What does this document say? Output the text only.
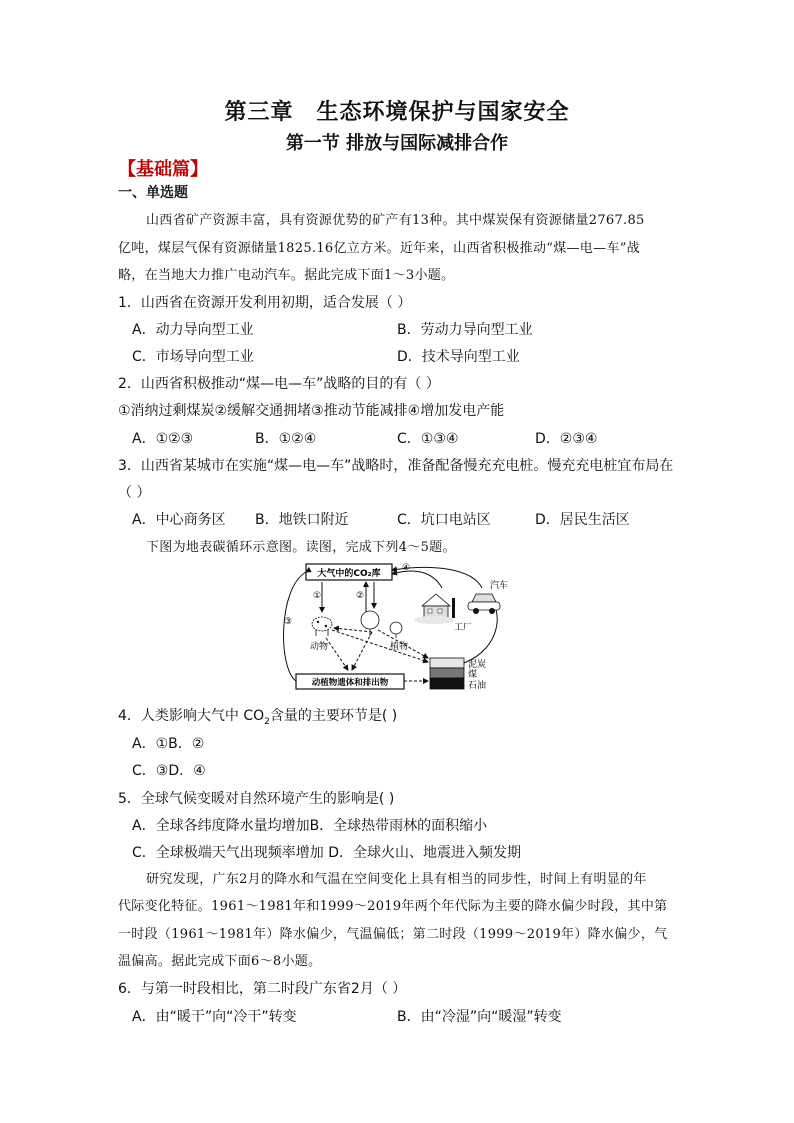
第三章　生态环境保护与国家安全
第一节 排放与国际减排合作
【基础篇】
一、单选题
山西省矿产资源丰富，具有资源优势的矿产有13种。其中煤炭保有资源储量2767.85
亿吨，煤层气保有资源储量1825.16亿立方米。近年来，山西省积极推动“煤—电—车”战
略，在当地大力推广电动汽车。据此完成下面1～3小题。
1．山西省在资源开发利用初期，适合发展（ ）
A．动力导向型工业	B．劳动力导向型工业
C．市场导向型工业	D．技术导向型工业
2．山西省积极推动“煤—电—车”战略的目的有（ ）
①消纳过剩煤炭②缓解交通拥堵③推动节能减排④增加发电产能
A．①②③	B．①②④	C．①③④	D．②③④
3．山西省某城市在实施“煤—电—车”战略时，准备配备慢充充电桩。慢充充电桩宜布局在
（ ）
A．中心商务区 B．地铁口附近	C．坑口电站区	D．居民生活区
下图为地表碳循环示意图。读图，完成下列4～5题。
大气中的CO₂库
动植物遗体和排出物
泥炭
煤
石油
动物	植物
工厂
汽车
①	②
③
④
4．人类影响大气中 $CO_2$含量的主要环节是( )
A．①B．②
C．③D．④
5．全球气候变暖对自然环境产生的影响是( )
A．全球各纬度降水量均增加B．全球热带雨林的面积缩小
C．全球极端天气出现频率增加 D．全球火山、地震进入频发期
研究发现，广东2月的降水和气温在空间变化上具有相当的同步性，时间上有明显的年
代际变化特征。1961～1981年和1999～2019年两个年代际为主要的降水偏少时段，其中第
一时段（1961～1981年）降水偏少，气温偏低；第二时段（1999～2019年）降水偏少，气
温偏高。据此完成下面6～8小题。
6．与第一时段相比，第二时段广东省2月（ ）
A．由“暖干”向“冷干”转变	B．由“冷湿”向“暖湿”转变
